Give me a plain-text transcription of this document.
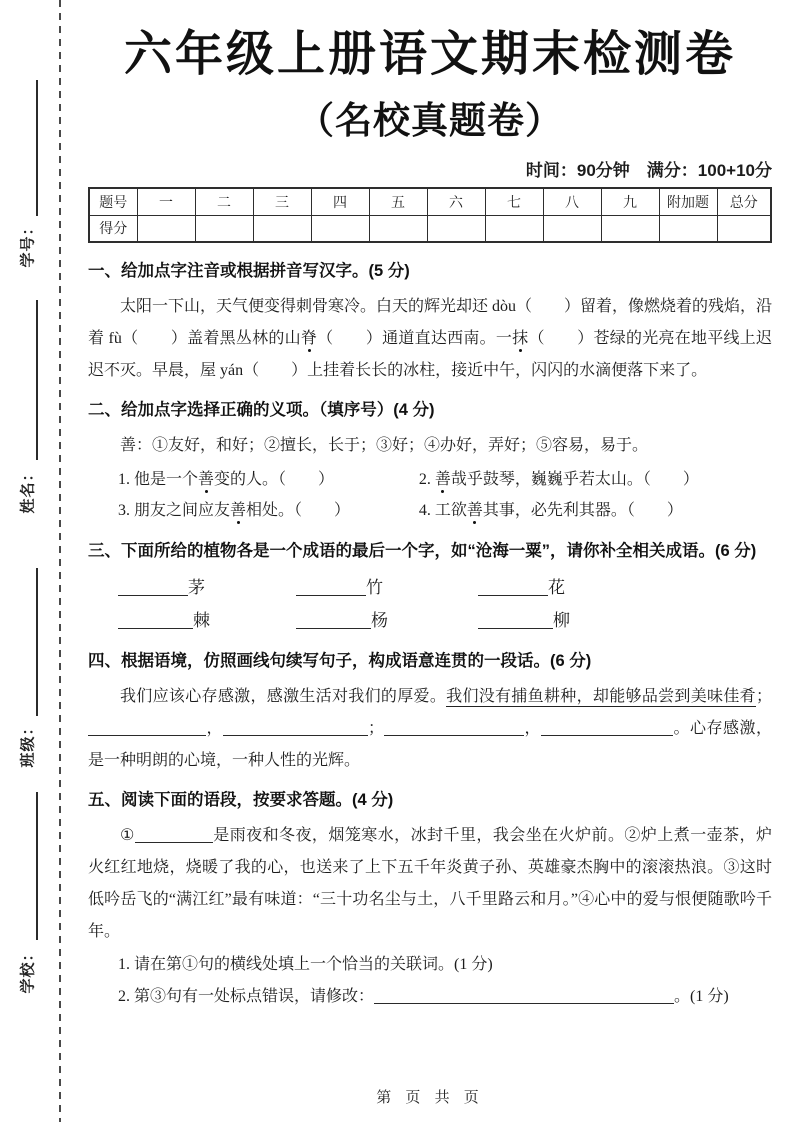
学号：
姓名：
班级：
学校：
六年级上册语文期末检测卷
（名校真题卷）
时间：90分钟　满分：100+10分
题号	一	二	三	四	五	六	七	八	九	附加题	总分
得分											
一、给加点字注音或根据拼音写汉字。(5 分)

太阳一下山，天气便变得刺骨寒冷。白天的辉光却还 dòu（　　）留着，像燃烧着的残焰，沿着 fù（　　）盖着黑丛林的山脊（　　）通道直达西南。一抹（　　）苍绿的光亮在地平线上迟迟不灭。早晨，屋 yán（　　）上挂着长长的冰柱，接近中午，闪闪的水滴便落下来了。

二、给加点字选择正确的义项。（填序号）(4 分)

善：①友好，和好；②擅长，长于；③好；④办好，弄好；⑤容易，易于。

1. 他是一个善变的人。（　　）	2. 善哉乎鼓琴，巍巍乎若太山。（　　）
3. 朋友之间应友善相处。（　　）	4. 工欲善其事，必先利其器。（　　）
三、下面所给的植物各是一个成语的最后一个字，如“沧海一粟”，请你补全相关成语。(6 分)
茅	竹	花
棘	杨	柳
四、根据语境，仿照画线句续写句子，构成语意连贯的一段话。(6 分)

我们应该心存感激，感激生活对我们的厚爱。我们没有捕鱼耕种，却能够品尝到美味佳肴；，	；	，	。心存感激，是一种明朗的心境，一种人性的光辉。

五、阅读下面的语段，按要求答题。(4 分)

①	是雨夜和冬夜，烟笼寒水，冰封千里，我会坐在火炉前。②炉上煮一壶茶，炉火红红地烧，烧暖了我的心，也送来了上下五千年炎黄子孙、英雄豪杰胸中的滚滚热浪。③这时低吟岳飞的“满江红”最有味道：“三十功名尘与土，八千里路云和月。”④心中的爱与恨便随歌吟千年。

1. 请在第①句的横线处填上一个恰当的关联词。(1 分)
2. 第③句有一处标点错误，请修改：	。(1 分)
第 页 共 页
